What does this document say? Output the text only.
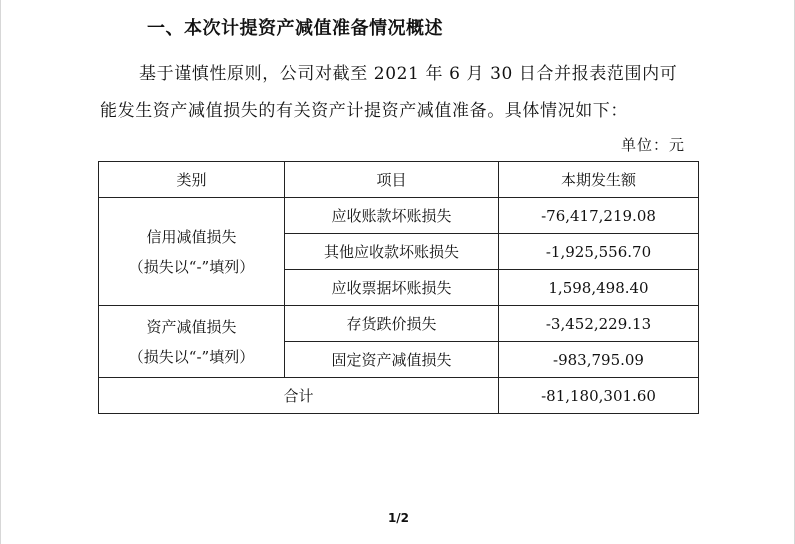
一、本次计提资产减值准备情况概述
基于谨慎性原则，公司对截至 2021 年 6 月 30 日合并报表范围内可
能发生资产减值损失的有关资产计提资产减值准备。具体情况如下：
单位：元
类别	项目	本期发生额

信用减值损失
（损失以“-”填列）	应收账款坏账损失	-76,417,219.08
	其他应收款坏账损失	-1,925,556.70
	应收票据坏账损失	1,598,498.40

资产减值损失
（损失以“-”填列）	存货跌价损失	-3,452,229.13
	固定资产减值损失	-983,795.09
合计		-81,180,301.60
1/2
